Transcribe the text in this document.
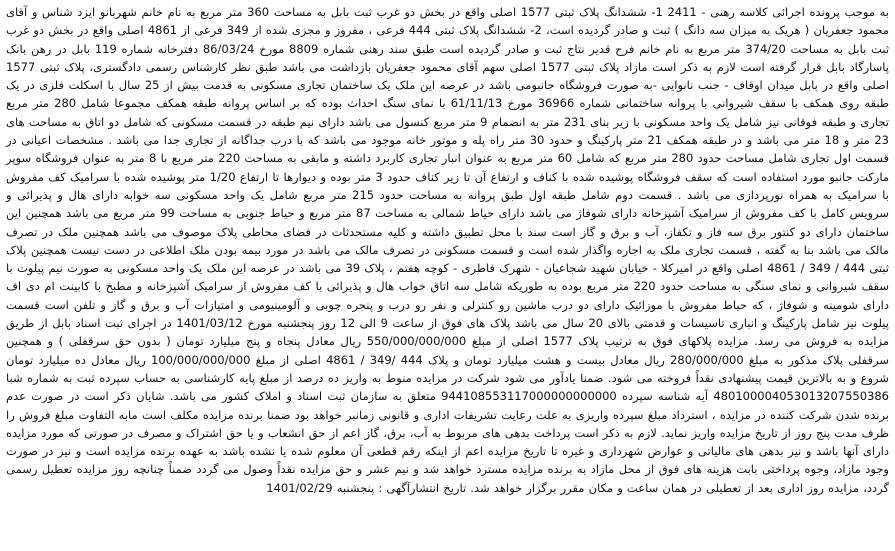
به موجب پرونده اجرائی کلاسه رهنی - 2411 1- ششدانگ پلاک ثبتی 1577 اصلی واقع در بخش دو غرب ثبت بابل به مساحت 360 متر مربع به نام خانم شهربانو ایزد شناس و آقای محمود جعفریان ( هریک به میزان سه دانگ ) ثبت و صادر گردیده است، 2- ششدانگ پلاک ثبتی 444 فرعی ، مفروز و مجزی شده از 349 فرعی از 4861 اصلی واقع در بخش دو غرب ثبت بابل به مساحت 374/20 متر مربع به نام خانم فرح قدیر نتاج ثبت و صادر گردیده است طبق سند رهنی شماره 8809 مورخ 86/03/24 دفترخانه شماره 119 بابل در رهن بانک پاسارگاد بابل قرار گرفته است لازم به ذکر است مازاد پلاک ثبتی 1577 اصلی سهم آقای محمود جعفریان بازداشت می باشد طبق نظر کارشناس رسمی دادگستری، پلاک ثبتی 1577 اصلی واقع در بابل میدان اوقاف - جنب نانوایی -به صورت فروشگاه جانبومی باشد در عرصه این ملک یک ساختمان تجاری مسکونی به قدمت بیش از 25 سال با اسکلت فلزی در یک طبقه روی همکف با سقف شیروانی با پروانه ساختمانی شماره 36966 مورخ 61/11/13 با نمای سنگ احداث بوده که بر اساس پروانه طبقه همکف مجموعا شامل 280 متر مربع تجاری و طبقه فوقانی نیز شامل یک واحد مسکونی با زیر بنای 231 متر به انضمام 9 متر مربع کنسول می باشد دارای نیم طبقه در قسمت مسکونی که شامل دو اتاق به مساحت های 23 متر و 18 متر می باشد و در طبقه همکف 21 متر پارکینگ و حدود 30 متر راه پله و موتور خانه موجود می باشد که با درب جداگانه از تجاری جدا می باشد . مشخصات اعیانی در قسمت اول تجاری شامل مساحت حدود 280 متر مربع که شامل 60 متر مربع به عنوان انبار تجاری کاربرد داشته و مابقی به مساحت 220 متر مربع با 8 متر به عنوان فروشگاه سوپر مارکت جانبو مورد استفاده است که سقف فروشگاه پوشیده شده با کناف و ارتفاع آن تا زیر کناف حدود 3 متر بوده و دیوارها تا ارتفاع 1/20 متر پوشیده شده با سرامیک کف مفروش با سرامیک به همراه نورپردازی می باشد . قسمت دوم شامل طبقه اول طبق پروانه به مساحت حدود 215 متر مربع شامل یک واحد مسکونی سه خوابه دارای هال و پذیرائی و سرویس کامل با کف مفروش از سرامیک آشپزخانه دارای شوفاژ می باشد دارای حیاط شمالی به مساحت 87 متر مربع و حیاط جنوبی به مساحت 99 متر مربع می باشد همچنین این ساختمان دارای دو کنتور برق سه فاز و تکفاز، آب و برق و گاز است سند با محل تطبیق داشته و کلیه مستحدثات در فضای محاطی پلاک موصوف می باشد همچنین ملک در تصرف مالک می باشد بنا به گفته ، قسمت تجاری ملک به اجاره واگذار شده است و قسمت مسکونی در تصرف مالک می باشد در مورد بیمه بودن ملک اطلاعی در دست نیست همچنین پلاک ثبتی 444 / 349 / 4861 اصلی واقع در امیرکلا - خیابان شهید شجاعیان - شهرک فاطری - کوچه هفتم ، پلاک 39 می باشد در عرصه این ملک یک واحد مسکونی به صورت نیم پیلوت با سقف شیروانی و نمای سنگی به مساحت حدود 220 متر مربع بوده به طوریکه شامل سه اتاق خواب هال و پذیرائی با کف مفروش از سرامیک آشپزخانه و مطبخ با کابینت ام دی اف دارای شومینه و شوفاژ ، که حیاط مفروش با موزائیک دارای دو درب ماشین رو کنترلی و نفر رو درب و پنجره چوبی و آلومینیومی و امتیازات آب و برق و گاز و تلفن است قسمت پیلوت نیز شامل پارکینگ و انباری تاسیسات و قدمتی بالای 20 سال می باشد پلاک های فوق از ساعت 9 الی 12 روز پنجشنبه مورخ 1401/03/12 در اجرای ثبت اسناد بابل از طریق مزایده به فروش می رسد. مزایده پلاکهای فوق به ترتیب پلاک 1577 اصلی از مبلغ 550/000/000/000 ریال معادل پنجاه و پنج میلیارد تومان ( بدون حق سرقفلی ) و همچنین سرقفلی پلاک مذکور به مبلغ 280/000/000 ریال معادل بیست و هشت میلیارد تومان و پلاک 444 /349 / 4861 اصلی از مبلغ 100/000/000/000 ریال معادل ده میلیارد تومان شروع و به بالاترین قیمت پیشنهادی نقداً فروخته می شود. ضمنا یادآور می شود شرکت در مزایده منوط به واریز ده درصد از مبلغ پایه کارشناسی به حساب سپرده ثبت به شماره شبا 480100004053013207550386 آیه شناسه سپرده 944108553117000000000000 متعلق به سازمان ثبت اسناد و املاک کشور می باشد. شایان ذکر است در صورت عدم برنده شدن شرکت کننده در مزایده ، استرداد مبلغ سپرده واریزی به علت رعایت تشریفات اداری و قانونی زمانبر خواهد بود ضمنا برنده مزایده مکلف است مابه التفاوت مبلغ فروش را ظرف مدت پنج روز از تاریخ مزایده واریز نماید. لازم به ذکر است پرداخت بدهی های مربوط به آب، برق، گاز اعم از حق انشعاب و یا حق اشتراک و مصرف در صورتی که مورد مزایده دارای آنها باشد و نیز بدهی های مالیاتی و عوارض شهرداری و غیره تا تاریخ مزایده اعم از اینکه رقم قطعی آن معلوم شده یا نشده باشد به عهده برنده مزایده است و نیز در صورت وجود مازاد، وجوه پرداختی بابت هزینه های فوق از محل مازاد به برنده مزایده مسترد خواهد شد و نیم عشر و حق مزایده نقداً وصول می گردد ضمناً چنانچه روز مزایده تعطیل رسمی گردد، مزایده روز اداری بعد از تعطیلی در همان ساعت و مکان مقرر برگزار خواهد شد. تاریخ انتشارآگهی : پنجشنبه 1401/02/29
